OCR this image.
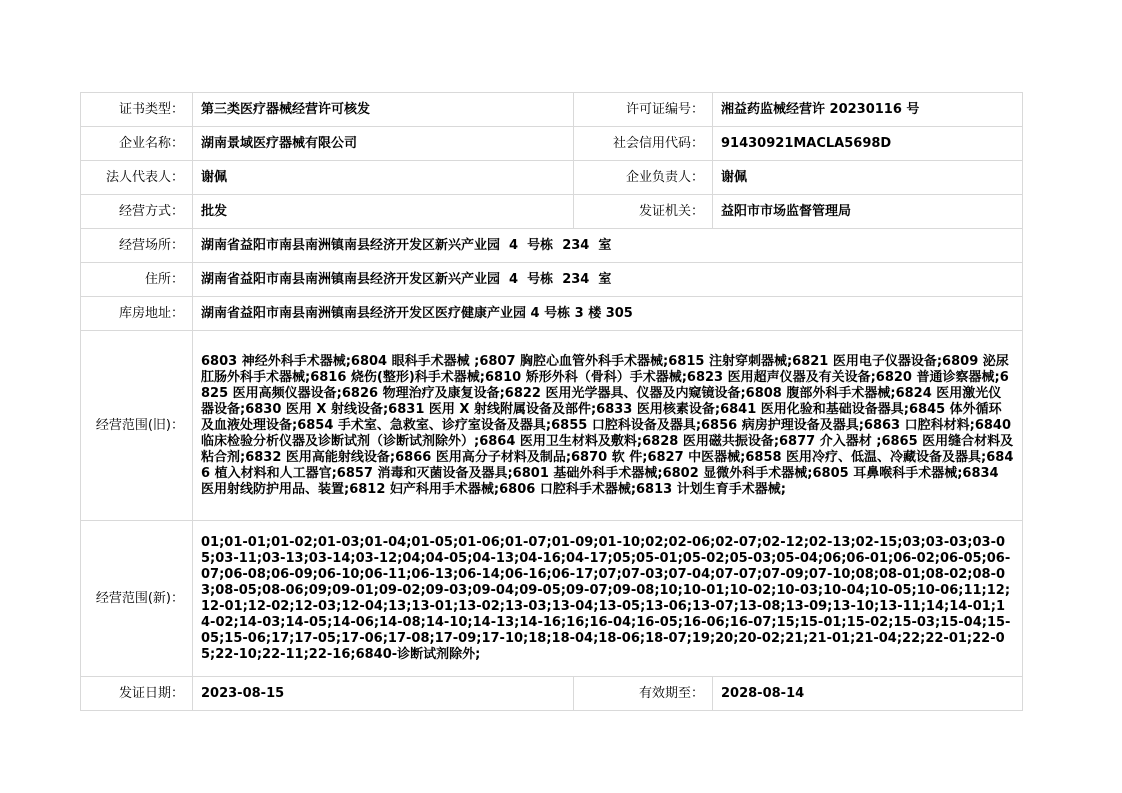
证书类型：	第三类医疗器械经营许可核发	许可证编号：	湘益药监械经营许 20230116 号
企业名称：	湖南景域医疗器械有限公司	社会信用代码：	91430921MACLA5698D
法人代表人：	谢佩	企业负责人：	谢佩
经营方式：	批发	发证机关：	益阳市市场监督管理局
经营场所：	湖南省益阳市南县南洲镇南县经济开发区新兴产业园  4  号栋  234  室		
住所：	湖南省益阳市南县南洲镇南县经济开发区新兴产业园  4  号栋  234  室		
库房地址：	湖南省益阳市南县南洲镇南县经济开发区医疗健康产业园 4 号栋 3 楼 305		
经营范围(旧)：	6803 神经外科手术器械;6804 眼科手术器械 ;6807 胸腔心血管外科手术器械;6815 注射穿刺器械;6821 医用电子仪器设备;6809 泌尿肛肠外科手术器械;6816 烧伤(整形)科手术器械;6810 矫形外科（骨科）手术器械;6823 医用超声仪器及有关设备;6820 普通诊察器械;6825 医用高频仪器设备;6826 物理治疗及康复设备;6822 医用光学器具、仪器及内窥镜设备;6808 腹部外科手术器械;6824 医用激光仪器设备;6830 医用 X 射线设备;6831 医用 X 射线附属设备及部件;6833 医用核素设备;6841 医用化验和基础设备器具;6845 体外循环及血液处理设备;6854 手术室、急救室、诊疗室设备及器具;6855 口腔科设备及器具;6856 病房护理设备及器具;6863 口腔科材料;6840 临床检验分析仪器及诊断试剂（诊断试剂除外）;6864 医用卫生材料及敷料;6828 医用磁共振设备;6877 介入器材 ;6865 医用缝合材料及粘合剂;6832 医用高能射线设备;6866 医用高分子材料及制品;6870 软 件;6827 中医器械;6858 医用冷疗、低温、冷藏设备及器具;6846 植入材料和人工器官;6857 消毒和灭菌设备及器具;6801 基础外科手术器械;6802 显微外科手术器械;6805 耳鼻喉科手术器械;6834 医用射线防护用品、装置;6812 妇产科用手术器械;6806 口腔科手术器械;6813 计划生育手术器械;		
经营范围(新)：	01;01-01;01-02;01-03;01-04;01-05;01-06;01-07;01-09;01-10;02;02-06;02-07;02-12;02-13;02-15;03;03-03;03-05;03-11;03-13;03-14;03-12;04;04-05;04-13;04-16;04-17;05;05-01;05-02;05-03;05-04;06;06-01;06-02;06-05;06-07;06-08;06-09;06-10;06-11;06-13;06-14;06-16;06-17;07;07-03;07-04;07-07;07-09;07-10;08;08-01;08-02;08-03;08-05;08-06;09;09-01;09-02;09-03;09-04;09-05;09-07;09-08;10;10-01;10-02;10-03;10-04;10-05;10-06;11;12;12-01;12-02;12-03;12-04;13;13-01;13-02;13-03;13-04;13-05;13-06;13-07;13-08;13-09;13-10;13-11;14;14-01;14-02;14-03;14-05;14-06;14-08;14-10;14-13;14-16;16;16-04;16-05;16-06;16-07;15;15-01;15-02;15-03;15-04;15-05;15-06;17;17-05;17-06;17-08;17-09;17-10;18;18-04;18-06;18-07;19;20;20-02;21;21-01;21-04;22;22-01;22-05;22-10;22-11;22-16;6840-诊断试剂除外;		
发证日期：	2023-08-15	有效期至：	2028-08-14
